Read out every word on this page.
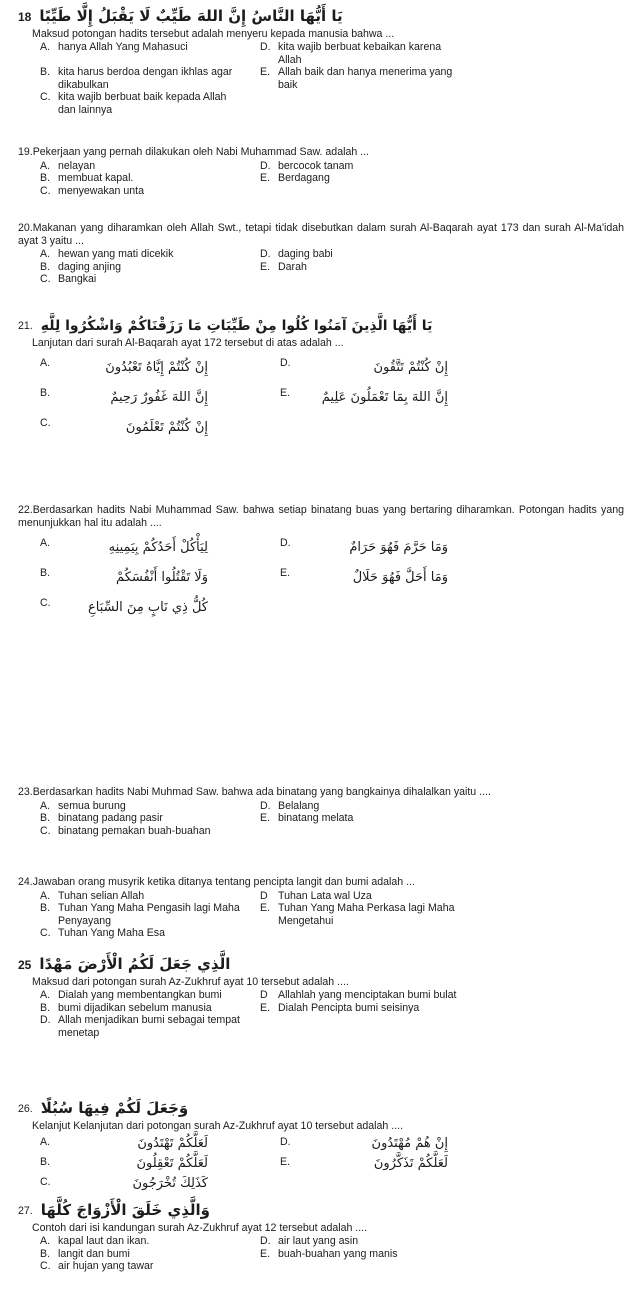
18 يَا أَيُّهَا النَّاسُ إِنَّ اللهَ طَيِّبٌ لَا يَقْبَلُ إِلَّا طَيِّبًا
Maksud potongan hadits tersebut adalah menyeru kepada manusia bahwa ...
A. hanya Allah Yang Mahasuci	D. kita wajib berbuat kebaikan karena Allah
B. kita harus berdoa dengan ikhlas agar dikabulkan
E. Allah baik dan hanya menerima yang baik
C. kita wajib berbuat baik kepada Allah dan lainnya
19.Pekerjaan yang pernah dilakukan oleh Nabi Muhammad Saw. adalah ...
A. nelayan	D. bercocok tanam
B. membuat kapal.	E. Berdagang
C. menyewakan unta
20.Makanan yang diharamkan oleh Allah Swt., tetapi tidak disebutkan dalam surah Al-Baqarah ayat 173 dan surah Al-Ma'idah ayat 3 yaitu ...
A. hewan yang mati dicekik	D. daging babi
B. daging anjing	E. Darah
C. Bangkai
21. يَا أَيُّهَا الَّذِينَ آمَنُوا كُلُوا مِنْ طَيِّبَاتِ مَا رَزَقْنَاكُمْ وَاشْكُرُوا لِلَّهِ
Lanjutan dari surah Al-Baqarah ayat 172 tersebut di atas adalah ...
A.	إِنْ كُنْتُمْ إِيَّاهُ تَعْبُدُونَ	D.	إِنْ كُنْتُمْ تَتَّقُونَ
B.	إِنَّ اللهَ غَفُورٌ رَحِيمٌ	E.	إِنَّ اللهَ بِمَا تَعْمَلُونَ عَلِيمٌ
C.	إِنْ كُنْتُمْ تَعْلَمُونَ
22.Berdasarkan hadits Nabi Muhammad Saw. bahwa setiap binatang buas yang bertaring diharamkan. Potongan hadits yang menunjukkan hal itu adalah ....
A.	لِيَأْكُلْ أَحَدُكُمْ بِيَمِينِهِ	D.	وَمَا حَرَّمَ فَهُوَ حَرَامٌ
B.	وَلَا تَقْتُلُوا أَنْفُسَكُمْ	E.	وَمَا أَحَلَّ فَهُوَ حَلَالٌ
C.	كُلُّ ذِي نَابٍ مِنَ السِّبَاعِ
23.Berdasarkan hadits Nabi Muhmad Saw. bahwa ada binatang yang bangkainya dihalalkan yaitu ....
A. semua burung	D. Belalang
B. binatang padang pasir	E. binatang melata
C. binatang pemakan buah-buahan
24.Jawaban orang musyrik ketika ditanya tentang pencipta langit dan bumi adalah ...
A. Tuhan selian Allah	D Tuhan Lata wal Uza
B. Tuhan Yang Maha Pengasih lagi Maha Penyayang
E. Tuhan Yang Maha Perkasa lagi Maha Mengetahui
C. Tuhan Yang Maha Esa
25 الَّذِي جَعَلَ لَكُمُ الْأَرْضَ مَهْدًا
Maksud dari potongan surah Az-Zukhruf ayat 10 tersebut adalah ....
A. Dialah yang membentangkan bumi	D Allahlah yang menciptakan bumi bulat
B. bumi dijadikan sebelum manusia	E. Dialah Pencipta bumi seisinya
D. Allah menjadikan bumi sebagai tempat menetap
26. وَجَعَلَ لَكُمْ فِيهَا سُبُلًا
Kelanjut Kelanjutan dari potongan surah Az-Zukhruf ayat 10 tersebut adalah ....
A.	لَعَلَّكُمْ تَهْتَدُونَ	D.	إِنْ هُمْ مُهْتَدُونَ
B.	لَعَلَّكُمْ تَعْقِلُونَ	E.	لَعَلَّكُمْ تَذَكَّرُونَ
C.	كَذَلِكَ تُخْرَجُونَ
27. وَالَّذِي خَلَقَ الْأَزْوَاجَ كُلَّهَا
Contoh dari isi kandungan surah Az-Zukhruf ayat 12 tersebut adalah ....
A. kapal laut dan ikan.	D. air laut yang asin
B. langit dan bumi	E. buah-buahan yang manis
C. air hujan yang tawar
